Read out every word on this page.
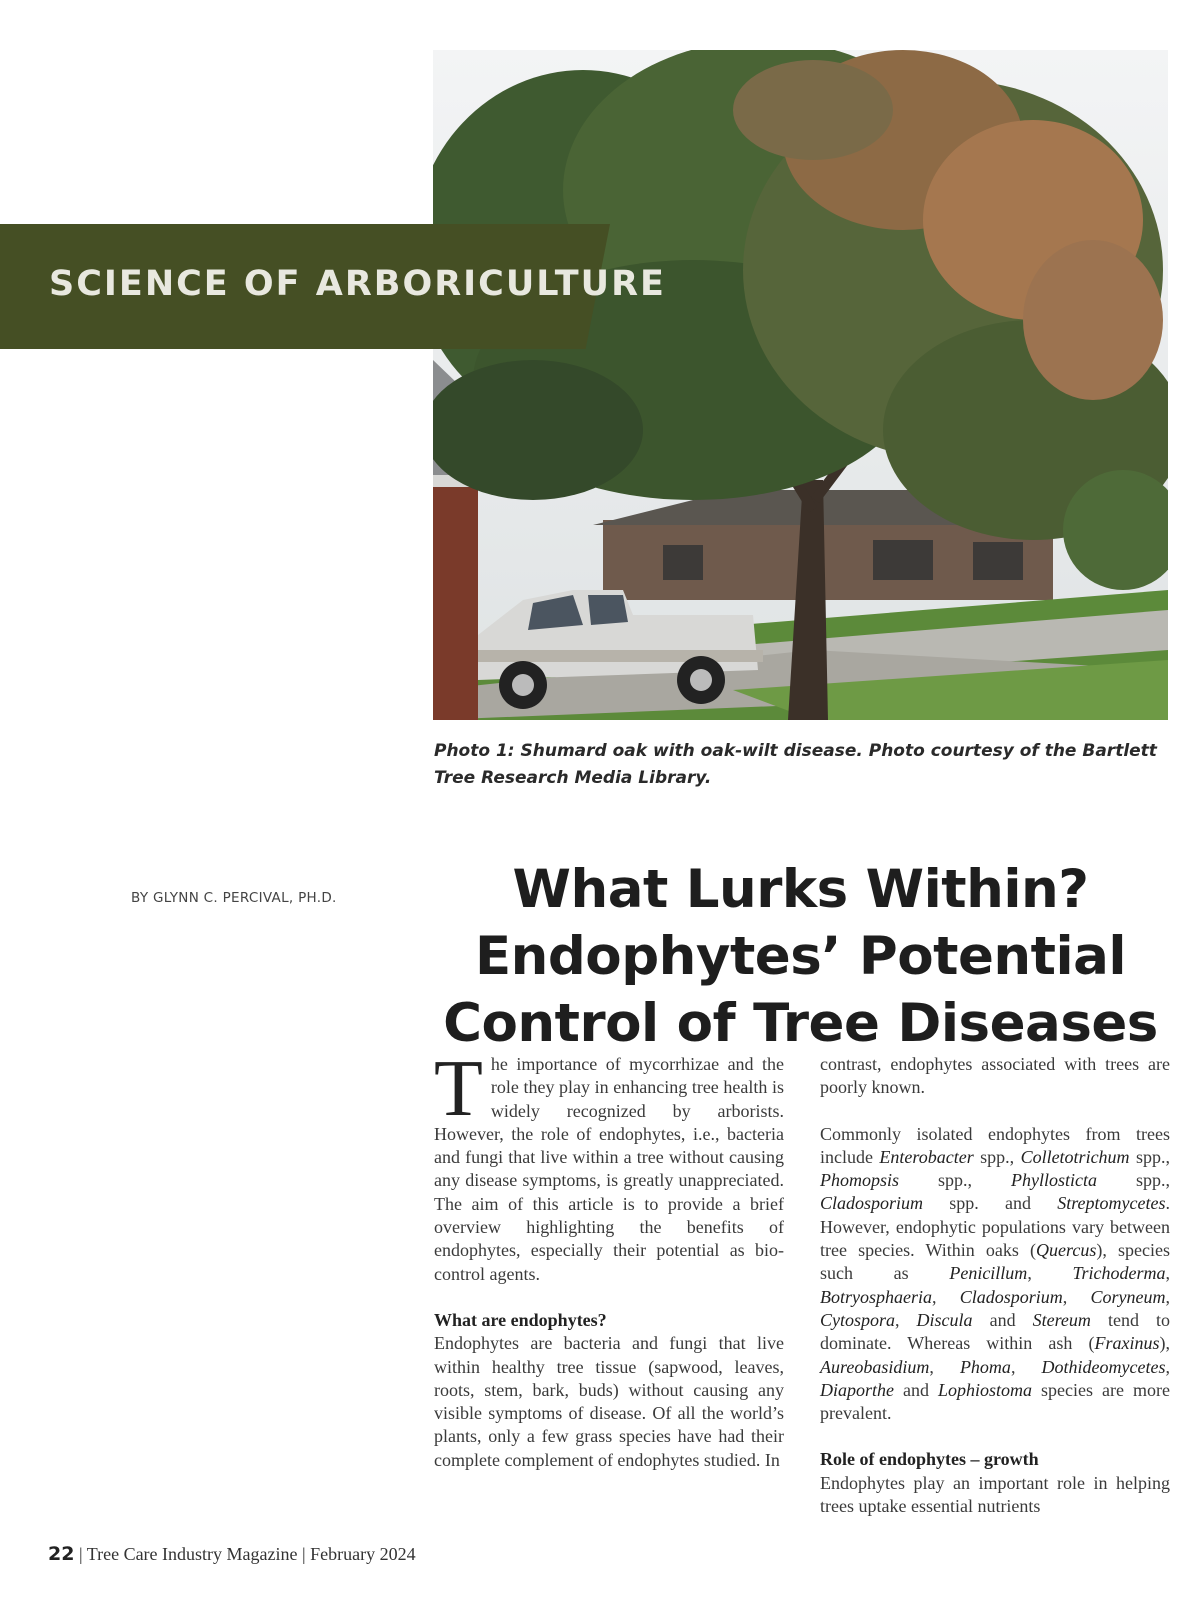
SCIENCE OF ARBORICULTURE
Photo 1: Shumard oak with oak-wilt disease. Photo courtesy of the Bartlett Tree Research Media Library.
BY GLYNN C. PERCIVAL, PH.D.	What Lurks Within?
Endophytes’ Potential
Control of Tree Diseases

The importance of mycorrhizae and the role they play in enhancing tree health is widely recognized by arborists. However, the role of endophytes, i.e., bacteria and fungi that live within a tree without causing any disease symptoms, is greatly unappreciated. The aim of this article is to provide a brief overview highlighting the benefits of endophytes, especially their potential as bio-control agents.

What are endophytes?

Endophytes are bacteria and fungi that live within healthy tree tissue (sapwood, leaves, roots, stem, bark, buds) without causing any visible symptoms of disease. Of all the world’s plants, only a few grass species have had their complete complement of endophytes studied. In

contrast, endophytes associated with trees are poorly known.

Commonly isolated endophytes from trees include Enterobacter spp., Colletotrichum spp., Phomopsis spp., Phyllosticta spp., Cladosporium spp. and Streptomycetes. However, endophytic populations vary between tree species. Within oaks (Quercus), species such as Penicillum, Trichoderma, Botryosphaeria, Cladosporium, Coryneum, Cytospora, Discula and Stereum tend to dominate. Whereas within ash (Fraxinus), Aureobasidium, Phoma, Dothideomycetes, Diaporthe and Lophiostoma species are more prevalent.

Role of endophytes – growth

Endophytes play an important role in helping trees uptake essential nutrients

22 | Tree Care Industry Magazine | February 2024
